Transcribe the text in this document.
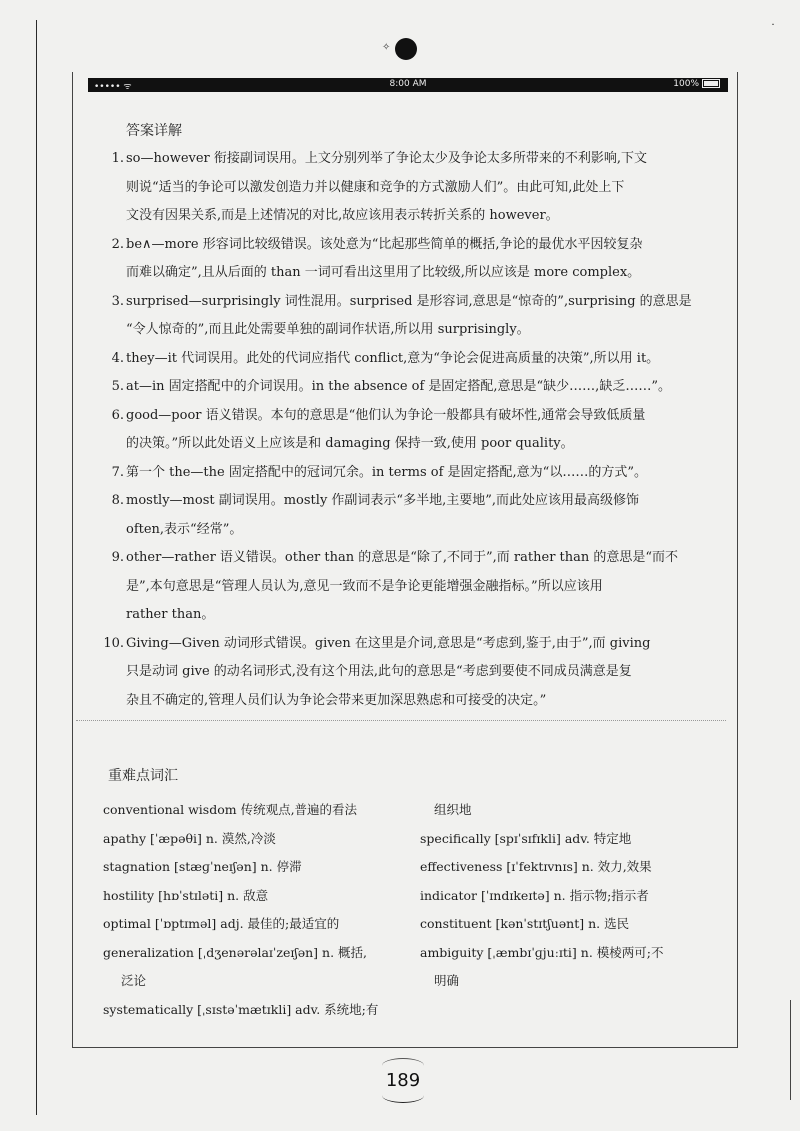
˙
✧
••••• ᯤ	8:00 AM	100%
答案详解
1. so—however 衔接副词误用。上文分别列举了争论太少及争论太多所带来的不利影响,下文
则说“适当的争论可以激发创造力并以健康和竞争的方式激励人们”。由此可知,此处上下
文没有因果关系,而是上述情况的对比,故应该用表示转折关系的 however。
2. be∧—more 形容词比较级错误。该处意为“比起那些简单的概括,争论的最优水平因较复杂
而难以确定”,且从后面的 than 一词可看出这里用了比较级,所以应该是 more complex。
3. surprised—surprisingly 词性混用。surprised 是形容词,意思是“惊奇的”,surprising 的意思是
“令人惊奇的”,而且此处需要单独的副词作状语,所以用 surprisingly。
4. they—it 代词误用。此处的代词应指代 conflict,意为“争论会促进高质量的决策”,所以用 it。
5. at—in 固定搭配中的介词误用。in the absence of 是固定搭配,意思是“缺少……,缺乏……”。
6. good—poor 语义错误。本句的意思是“他们认为争论一般都具有破坏性,通常会导致低质量
的决策。”所以此处语义上应该是和 damaging 保持一致,使用 poor quality。
7. 第一个 the—the 固定搭配中的冠词冗余。in terms of 是固定搭配,意为“以……的方式”。
8. mostly—most 副词误用。mostly 作副词表示“多半地,主要地”,而此处应该用最高级修饰
often,表示“经常”。
9. other—rather 语义错误。other than 的意思是“除了,不同于”,而 rather than 的意思是“而不
是”,本句意思是“管理人员认为,意见一致而不是争论更能增强金融指标。”所以应该用
rather than。
10. Giving—Given 动词形式错误。given 在这里是介词,意思是“考虑到,鉴于,由于”,而 giving
只是动词 give 的动名词形式,没有这个用法,此句的意思是“考虑到要使不同成员满意是复
杂且不确定的,管理人员们认为争论会带来更加深思熟虑和可接受的决定。”
重难点词汇
conventional wisdom 传统观点,普遍的看法
apathy [ˈæpəθi] n. 漠然,冷淡
stagnation [stæɡˈneɪʃən] n. 停滞
hostility [hɒˈstɪləti] n. 敌意
optimal [ˈɒptɪməl] adj. 最佳的;最适宜的
generalization [ˌdʒenərəlaɪˈzeɪʃən] n. 概括,
泛论
systematically [ˌsɪstəˈmætɪkli] adv. 系统地;有
组织地
specifically [spɪˈsɪfɪkli] adv. 特定地
effectiveness [ɪˈfektɪvnɪs] n. 效力,效果
indicator [ˈɪndɪkeɪtə] n. 指示物;指示者
constituent [kənˈstɪtʃuənt] n. 选民
ambiguity [ˌæmbɪˈɡjuːɪti] n. 模棱两可;不
明确
189
